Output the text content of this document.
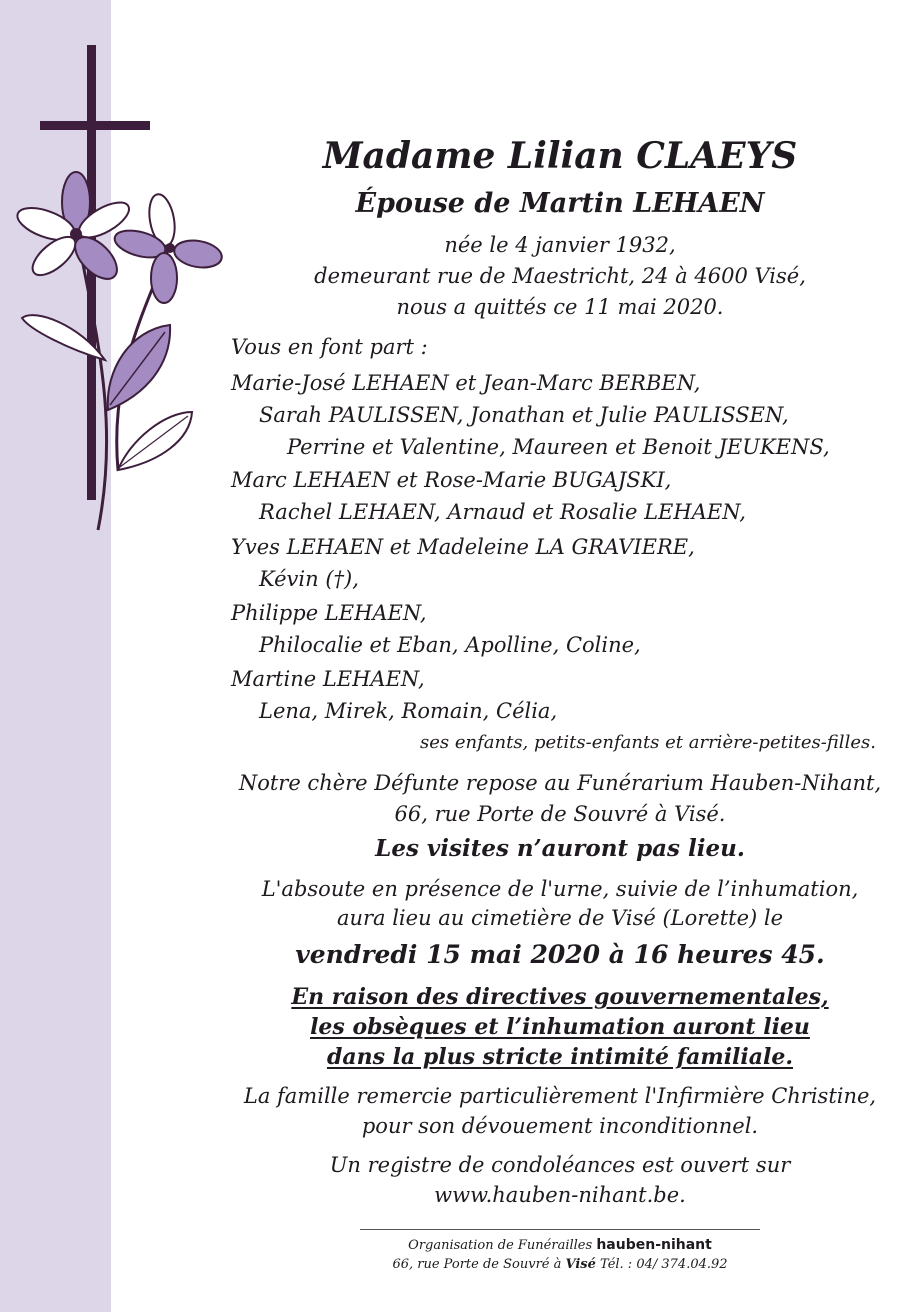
Madame Lilian CLAEYS
Épouse de Martin LEHAEN
née le 4 janvier 1932,
demeurant rue de Maestricht, 24 à 4600 Visé,
nous a quittés ce 11 mai 2020.
Vous en font part :
Marie-José LEHAEN et Jean-Marc BERBEN,
Sarah PAULISSEN, Jonathan et Julie PAULISSEN,
Perrine et Valentine, Maureen et Benoit JEUKENS,
Marc LEHAEN et Rose-Marie BUGAJSKI,
Rachel LEHAEN, Arnaud et Rosalie LEHAEN,
Yves LEHAEN et Madeleine LA GRAVIERE,
Kévin (†),
Philippe LEHAEN,
Philocalie et Eban, Apolline, Coline,
Martine LEHAEN,
Lena, Mirek, Romain, Célia,
ses enfants, petits-enfants et arrière-petites-filles.
Notre chère Défunte repose au Funérarium Hauben-Nihant,
66, rue Porte de Souvré à Visé.
Les visites n’auront pas lieu.
L'absoute en présence de l'urne, suivie de l’inhumation,
aura lieu au cimetière de Visé (Lorette) le
vendredi 15 mai 2020 à 16 heures 45.
En raison des directives gouvernementales,
les obsèques et l’inhumation auront lieu
dans la plus stricte intimité familiale.
La famille remercie particulièrement l'Infirmière Christine,
pour son dévouement inconditionnel.
Un registre de condoléances est ouvert sur
www.hauben-nihant.be.
Organisation de Funérailles hauben-nihant
66, rue Porte de Souvré à Visé Tél. : 04/ 374.04.92
